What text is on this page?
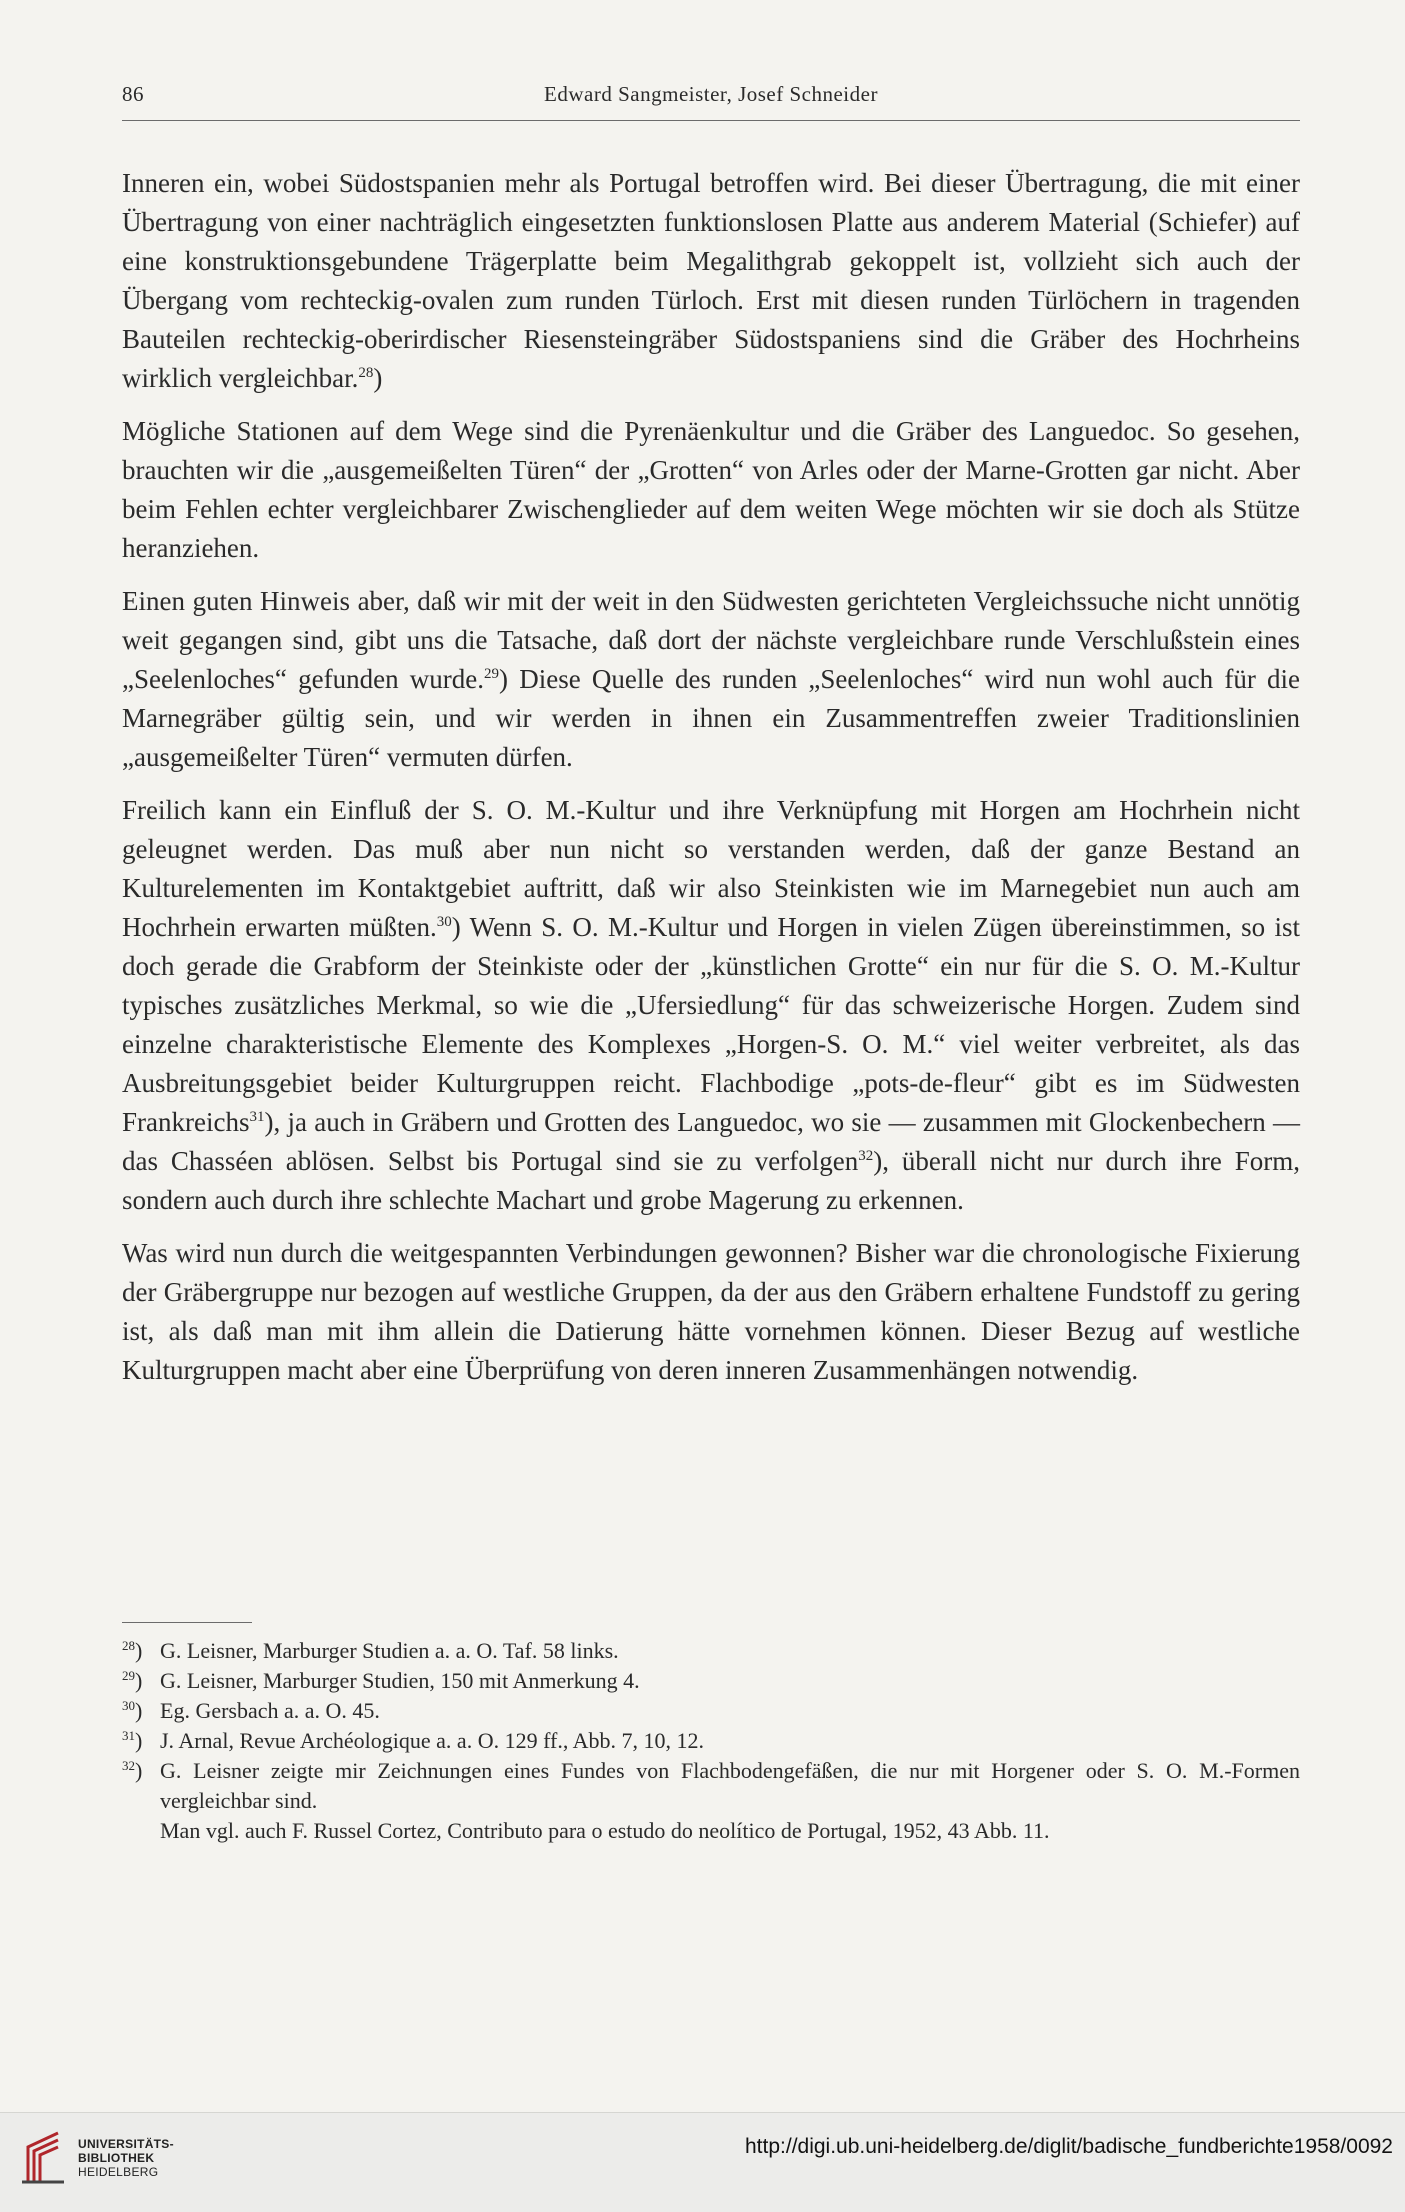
86	Edward Sangmeister, Josef Schneider

Inneren ein, wobei Südostspanien mehr als Portugal betroffen wird. Bei dieser Übertragung, die mit einer Übertragung von einer nachträglich eingesetzten funktionslosen Platte aus anderem Material (Schiefer) auf eine konstruktionsgebundene Trägerplatte beim Megalithgrab gekoppelt ist, vollzieht sich auch der Übergang vom rechteckig-ovalen zum runden Türloch. Erst mit diesen runden Türlöchern in tragenden Bauteilen rechteckig-oberirdischer Riesensteingräber Südostspaniens sind die Gräber des Hochrheins wirklich vergleichbar.$^{28}$)

Mögliche Stationen auf dem Wege sind die Pyrenäenkultur und die Gräber des Languedoc. So gesehen, brauchten wir die „ausgemeißelten Türen“ der „Grotten“ von Arles oder der Marne-Grotten gar nicht. Aber beim Fehlen echter vergleichbarer Zwischenglieder auf dem weiten Wege möchten wir sie doch als Stütze heranziehen.

Einen guten Hinweis aber, daß wir mit der weit in den Südwesten gerichteten Vergleichssuche nicht unnötig weit gegangen sind, gibt uns die Tatsache, daß dort der nächste vergleichbare runde Verschlußstein eines „Seelenloches“ gefunden wurde.$^{29}$) Diese Quelle des runden „Seelenloches“ wird nun wohl auch für die Marnegräber gültig sein, und wir werden in ihnen ein Zusammentreffen zweier Traditionslinien „ausgemeißelter Türen“ vermuten dürfen.

Freilich kann ein Einfluß der S. O. M.-Kultur und ihre Verknüpfung mit Horgen am Hochrhein nicht geleugnet werden. Das muß aber nun nicht so verstanden werden, daß der ganze Bestand an Kulturelementen im Kontaktgebiet auftritt, daß wir also Steinkisten wie im Marnegebiet nun auch am Hochrhein erwarten müßten.$^{30}$) Wenn S. O. M.-Kultur und Horgen in vielen Zügen übereinstimmen, so ist doch gerade die Grabform der Steinkiste oder der „künstlichen Grotte“ ein nur für die S. O. M.-Kultur typisches zusätzliches Merkmal, so wie die „Ufersiedlung“ für das schweizerische Horgen. Zudem sind einzelne charakteristische Elemente des Komplexes „Horgen-S. O. M.“ viel weiter verbreitet, als das Ausbreitungsgebiet beider Kulturgruppen reicht. Flachbodige „pots-de-fleur“ gibt es im Südwesten Frankreichs$^{31}$), ja auch in Gräbern und Grotten des Languedoc, wo sie — zusammen mit Glockenbechern — das Chasséen ablösen. Selbst bis Portugal sind sie zu verfolgen$^{32}$), überall nicht nur durch ihre Form, sondern auch durch ihre schlechte Machart und grobe Magerung zu erkennen.

Was wird nun durch die weitgespannten Verbindungen gewonnen? Bisher war die chronologische Fixierung der Gräbergruppe nur bezogen auf westliche Gruppen, da der aus den Gräbern erhaltene Fundstoff zu gering ist, als daß man mit ihm allein die Datierung hätte vornehmen können. Dieser Bezug auf westliche Kulturgruppen macht aber eine Überprüfung von deren inneren Zusammenhängen notwendig.

$^{28}$) G. Leisner, Marburger Studien a. a. O. Taf. 58 links.
$^{29}$) G. Leisner, Marburger Studien, 150 mit Anmerkung 4.
$^{30}$) Eg. Gersbach a. a. O. 45.
$^{31}$) J. Arnal, Revue Archéologique a. a. O. 129 ff., Abb. 7, 10, 12.
$^{32}$) G. Leisner zeigte mir Zeichnungen eines Fundes von Flachbodengefäßen, die nur mit Horgener oder S. O. M.-Formen vergleichbar sind.
Man vgl. auch F. Russel Cortez, Contributo para o estudo do neolítico de Portugal, 1952, 43 Abb. 11.
UNIVERSITÄTS-
BIBLIOTHEK
HEIDELBERG
http://digi.ub.uni-heidelberg.de/diglit/badische_fundberichte1958/0092
